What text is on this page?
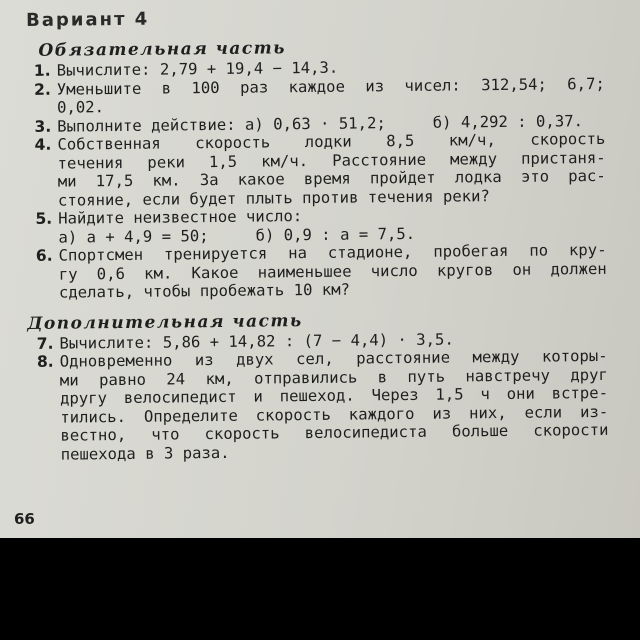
Вариант 4
Обязательная часть
1. Вычислите: 2,79 + 19,4 − 14,3.
2. Уменьшите в 100 раз каждое из чисел: 312,54; 6,7;
0,02.
3. Выполните действие: а) 0,63 · 51,2;     б) 4,292 : 0,37.
4. Собственная скорость лодки 8,5 км/ч, скорость
течения реки 1,5 км/ч. Расстояние между пристаня-
ми 17,5 км. За какое время пройдет лодка это рас-
стояние, если будет плыть против течения реки?
5. Найдите неизвестное число:
а) a + 4,9 = 50;     б) 0,9 : a = 7,5.
6. Спортсмен тренируется на стадионе, пробегая по кру-
гу 0,6 км. Какое наименьшее число кругов он должен
сделать, чтобы пробежать 10 км?
Дополнительная часть
7. Вычислите: 5,86 + 14,82 : (7 − 4,4) · 3,5.
8. Одновременно из двух сел, расстояние между которы-
ми равно 24 км, отправились в путь навстречу друг
другу велосипедист и пешеход. Через 1,5 ч они встре-
тились. Определите скорость каждого из них, если из-
вестно, что скорость велосипедиста больше скорости
пешехода в 3 раза.
66
